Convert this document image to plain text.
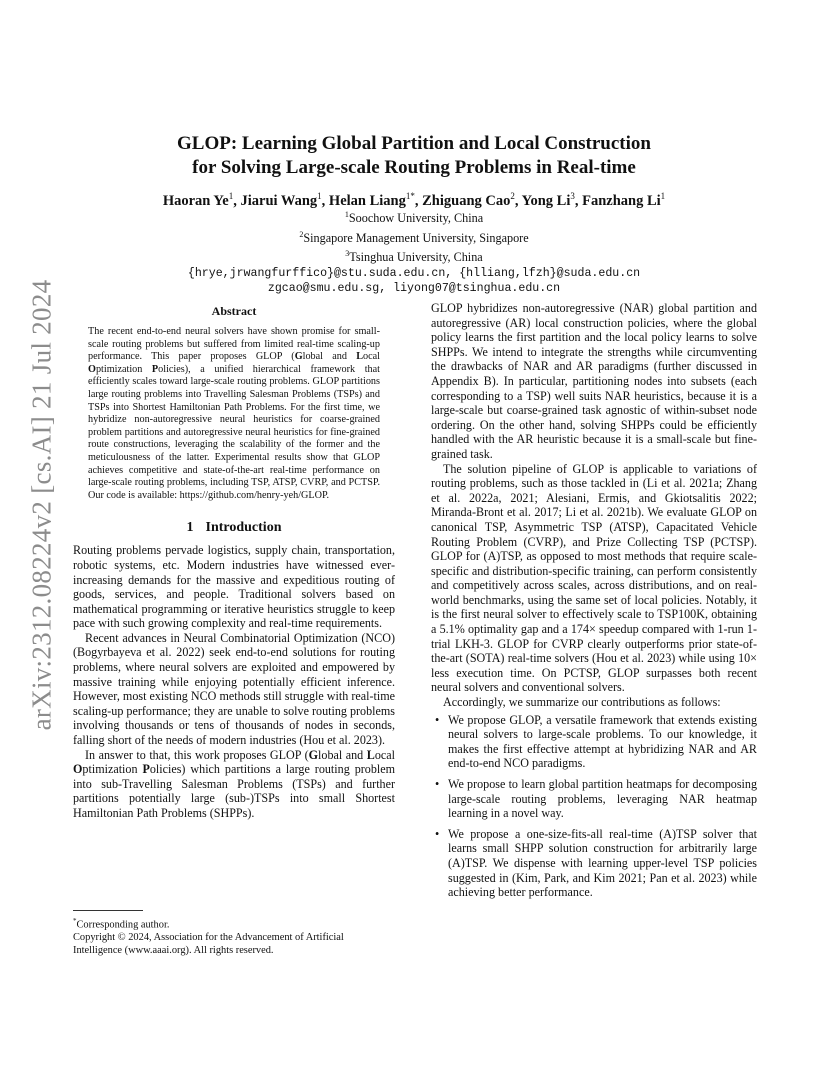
arXiv:2312.08224v2 [cs.AI] 21 Jul 2024
GLOP: Learning Global Partition and Local Construction
for Solving Large-scale Routing Problems in Real-time
Haoran Ye$^1$, Jiarui Wang$^1$, Helan Liang$^{1*}$, Zhiguang Cao$^2$, Yong Li$^3$, Fanzhang Li$^1$
$^1$Soochow University, China
$^2$Singapore Management University, Singapore
$^3$Tsinghua University, China
{hrye,jrwangfurffico}@stu.suda.edu.cn, {hlliang,lfzh}@suda.edu.cn
zgcao@smu.edu.sg, liyong07@tsinghua.edu.cn
Abstract

The recent end-to-end neural solvers have shown promise for small-scale routing problems but suffered from limited real-time scaling-up performance. This paper proposes GLOP (Global and Local Optimization Policies), a unified hierarchical framework that efficiently scales toward large-scale routing problems. GLOP partitions large routing problems into Travelling Salesman Problems (TSPs) and TSPs into Shortest Hamiltonian Path Problems. For the first time, we hybridize non-autoregressive neural heuristics for coarse-grained problem partitions and autoregressive neural heuristics for fine-grained route constructions, leveraging the scalability of the former and the meticulousness of the latter. Experimental results show that GLOP achieves competitive and state-of-the-art real-time performance on large-scale routing problems, including TSP, ATSP, CVRP, and PCTSP. Our code is available: https://github.com/henry-yeh/GLOP.

1 Introduction

Routing problems pervade logistics, supply chain, transportation, robotic systems, etc. Modern industries have witnessed ever-increasing demands for the massive and expeditious routing of goods, services, and people. Traditional solvers based on mathematical programming or iterative heuristics struggle to keep pace with such growing complexity and real-time requirements.

Recent advances in Neural Combinatorial Optimization (NCO) (Bogyrbayeva et al. 2022) seek end-to-end solutions for routing problems, where neural solvers are exploited and empowered by massive training while enjoying potentially efficient inference. However, most existing NCO methods still struggle with real-time scaling-up performance; they are unable to solve routing problems involving thousands or tens of thousands of nodes in seconds, falling short of the needs of modern industries (Hou et al. 2023).

In answer to that, this work proposes GLOP (Global and Local Optimization Policies) which partitions a large routing problem into sub-Travelling Salesman Problems (TSPs) and further partitions potentially large (sub-)TSPs into small Shortest Hamiltonian Path Problems (SHPPs).

*Corresponding author.
Copyright © 2024, Association for the Advancement of Artificial Intelligence (www.aaai.org). All rights reserved.

GLOP hybridizes non-autoregressive (NAR) global partition and autoregressive (AR) local construction policies, where the global policy learns the first partition and the local policy learns to solve SHPPs. We intend to integrate the strengths while circumventing the drawbacks of NAR and AR paradigms (further discussed in Appendix B). In particular, partitioning nodes into subsets (each corresponding to a TSP) well suits NAR heuristics, because it is a large-scale but coarse-grained task agnostic of within-subset node ordering. On the other hand, solving SHPPs could be efficiently handled with the AR heuristic because it is a small-scale but fine-grained task.

The solution pipeline of GLOP is applicable to variations of routing problems, such as those tackled in (Li et al. 2021a; Zhang et al. 2022a, 2021; Alesiani, Ermis, and Gkiotsalitis 2022; Miranda-Bront et al. 2017; Li et al. 2021b). We evaluate GLOP on canonical TSP, Asymmetric TSP (ATSP), Capacitated Vehicle Routing Problem (CVRP), and Prize Collecting TSP (PCTSP). GLOP for (A)TSP, as opposed to most methods that require scale-specific and distribution-specific training, can perform consistently and competitively across scales, across distributions, and on real-world benchmarks, using the same set of local policies. Notably, it is the first neural solver to effectively scale to TSP100K, obtaining a 5.1% optimality gap and a 174× speedup compared with 1-run 1-trial LKH-3. GLOP for CVRP clearly outperforms prior state-of-the-art (SOTA) real-time solvers (Hou et al. 2023) while using 10× less execution time. On PCTSP, GLOP surpasses both recent neural solvers and conventional solvers.

Accordingly, we summarize our contributions as follows:

• We propose GLOP, a versatile framework that extends existing neural solvers to large-scale problems. To our knowledge, it makes the first effective attempt at hybridizing NAR and AR end-to-end NCO paradigms.
• We propose to learn global partition heatmaps for decomposing large-scale routing problems, leveraging NAR heatmap learning in a novel way.
• We propose a one-size-fits-all real-time (A)TSP solver that learns small SHPP solution construction for arbitrarily large (A)TSP. We dispense with learning upper-level TSP policies suggested in (Kim, Park, and Kim 2021; Pan et al. 2023) while achieving better performance.
